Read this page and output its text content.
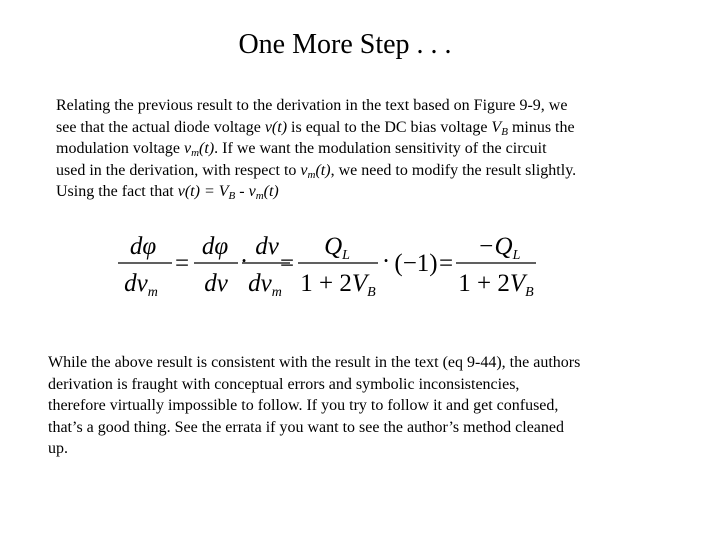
One More Step . . .
Relating the previous result to the derivation in the text based on Figure 9-9, we
see that the actual diode voltage v(t) is equal to the DC bias voltage $V_B$ minus the
modulation voltage $v_m(t)$. If we want the modulation sensitivity of the circuit
used in the derivation, with respect to $v_m(t)$, we need to modify the result slightly.
Using the fact that $v(t) = V_B - v_m(t)$
dφ
$dv_m$
=
dφ
dv
·
dv
$dv_m$
=
$Q_L$
$1 + 2V_B$
· (−1) =
$-Q_L$
$1 + 2V_B$
While the above result is consistent with the result in the text (eq 9-44), the authors
derivation is fraught with conceptual errors and symbolic inconsistencies,
therefore virtually impossible to follow. If you try to follow it and get confused,
that’s a good thing. See the errata if you want to see the author’s method cleaned
up.
